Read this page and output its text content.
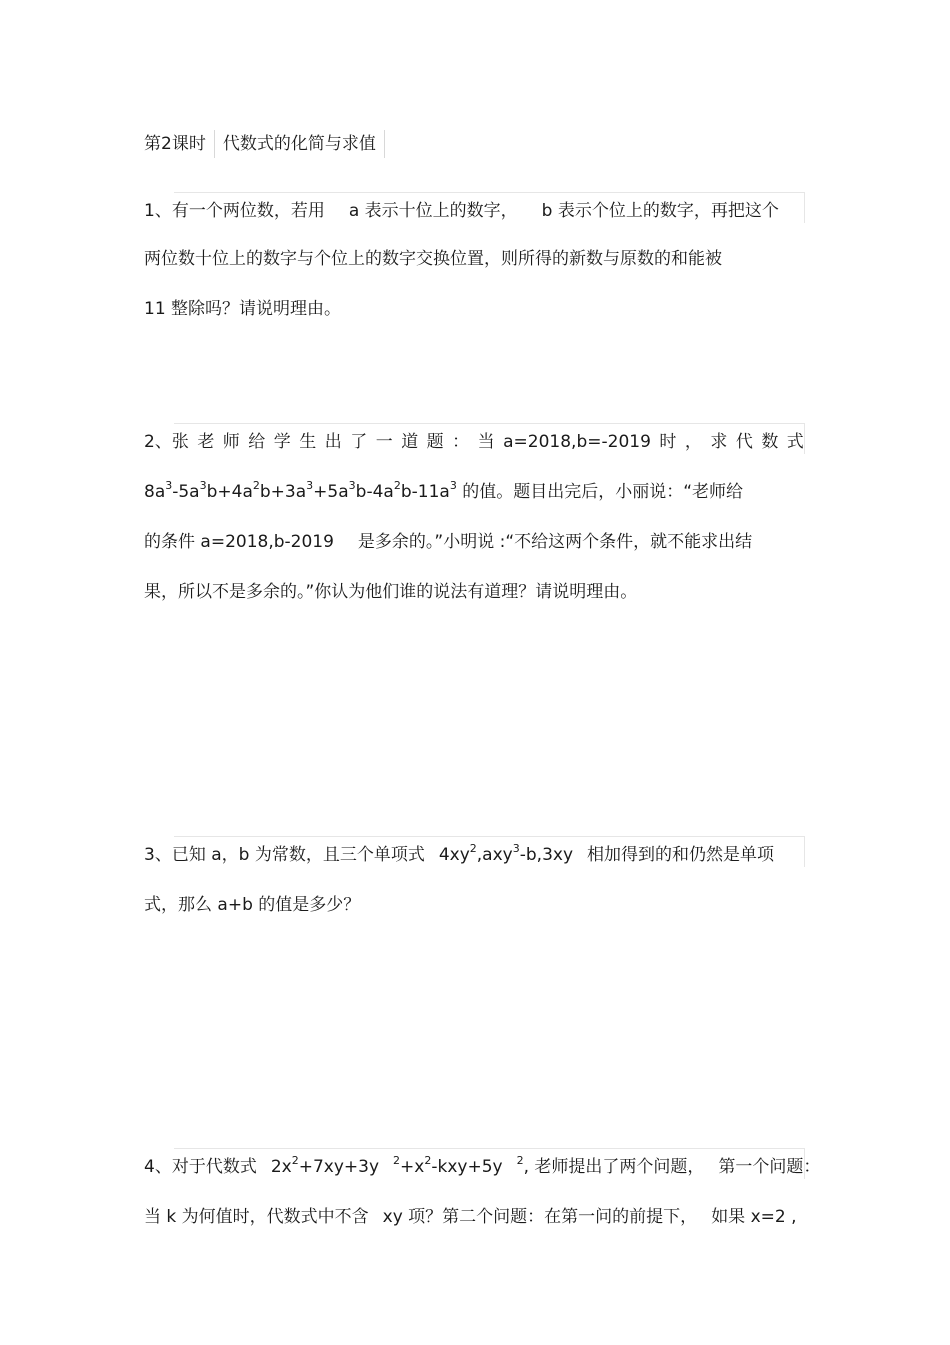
第2课时 代数式的化简与求值
1、有一个两位数，若用 a 表示十位上的数字， b 表示个位上的数字，再把这个
两位数十位上的数字与个位上的数字交换位置，则所得的新数与原数的和能被
11 整除吗？请说明理由。
2、张 老 师 给 学 生 出 了 一 道 题 ： 当 a=2018,b=-2019 时 ， 求 代 数 式
$8a^3-5a^3b+4a^2b+3a^3+5a^3b-4a^2b-11a^3$ 的值。题目出完后，小丽说：“老师给
的条件 a=2018,b-2019 是多余的。”小明说 :“不给这两个条件，就不能求出结
果，所以不是多余的。”你认为他们谁的说法有道理？请说明理由。
3、已知 a，b 为常数，且三个单项式 $4xy^2,axy^3-b,3xy$ 相加得到的和仍然是单项
式，那么 a+b 的值是多少？
4、对于代数式 $2x^2+7xy+3y$ $^2+x^2-kxy+5y$ $^2$, 老师提出了两个问题， 第一个问题：
当 k 为何值时，代数式中不含 xy 项？第二个问题：在第一问的前提下， 如果 x=2 ,
